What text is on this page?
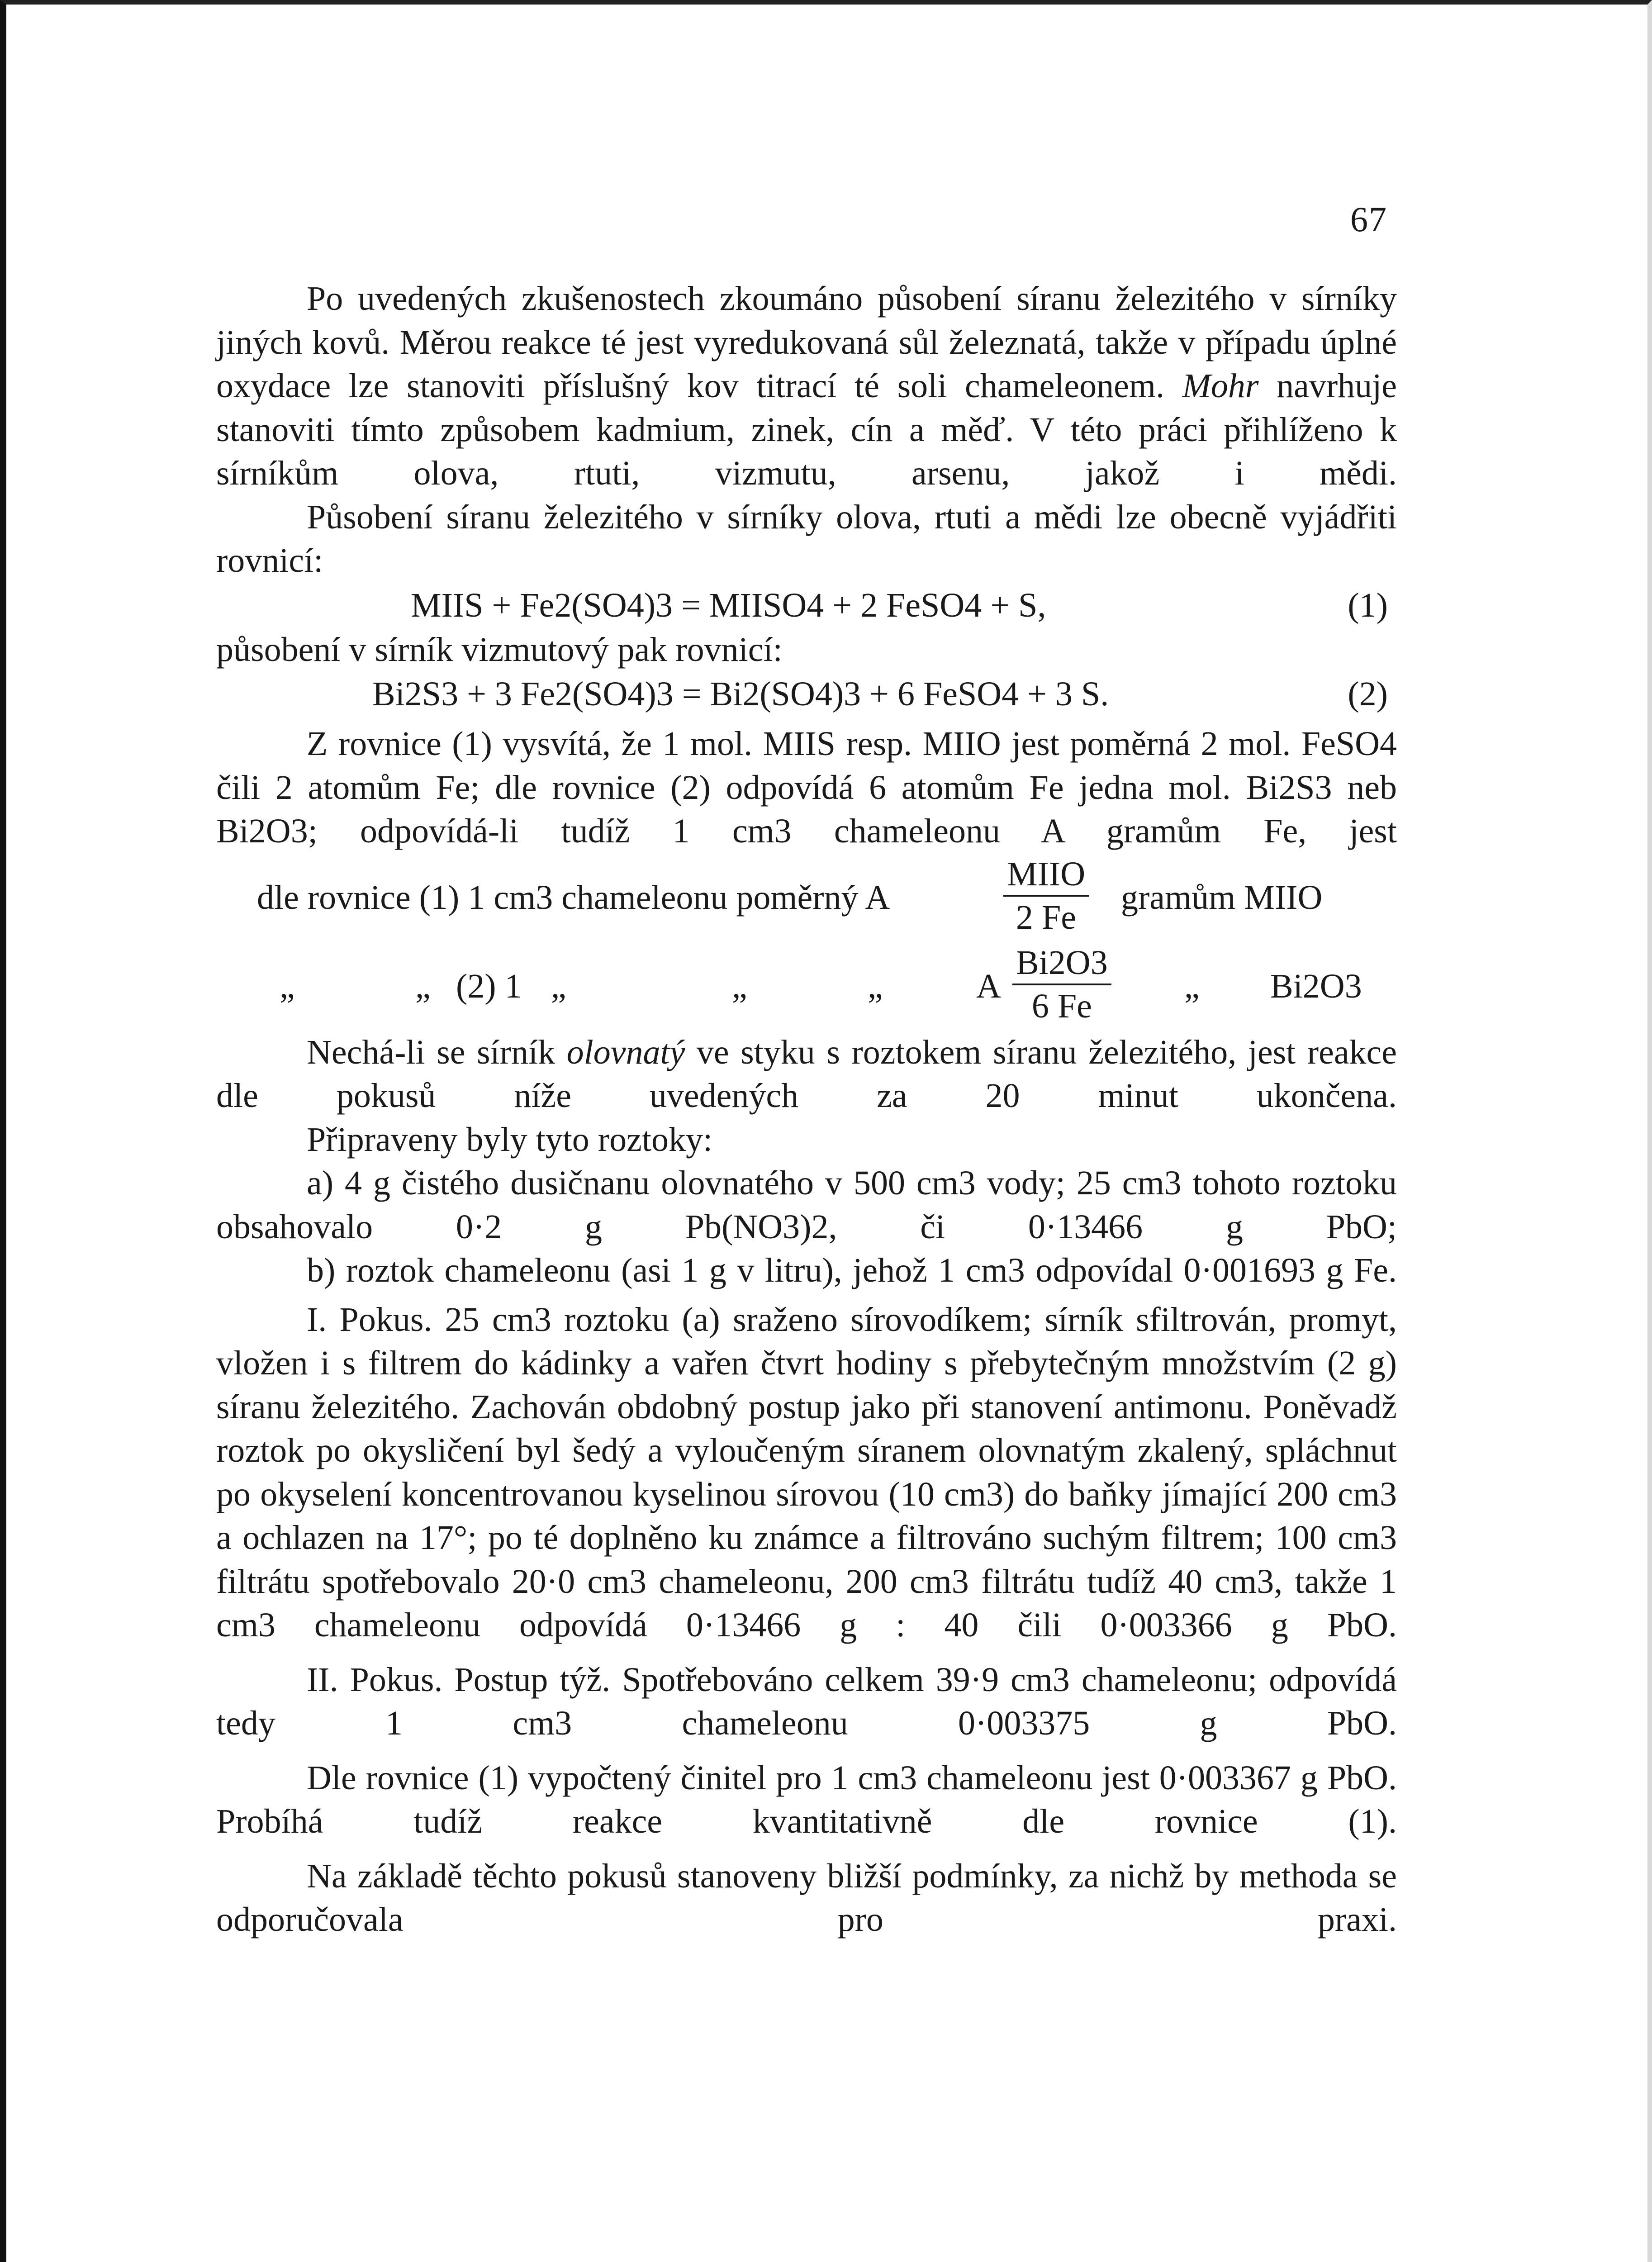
67

Po uvedených zkušenostech zkoumáno působení síranu železitého v sírníky jiných kovů. Měrou reakce té jest vyredukovaná sůl železnatá, takže v případu úplné oxydace lze stanoviti příslušný kov titrací té soli chameleonem. Mohr navrhuje stanoviti tímto způsobem kadmium, zinek, cín a měď. V této práci přihlíženo k sírníkům olova, rtuti, vizmutu, arsenu, jakož i mědi.

Působení síranu železitého v sírníky olova, rtuti a mědi lze obecně vyjádřiti rovnicí:

MIIS + Fe2(SO4)3 = MIISO4 + 2 FeSO4 + S,	(1)

působení v sírník vizmutový pak rovnicí:

Bi2S3 + 3 Fe2(SO4)3 = Bi2(SO4)3 + 6 FeSO4 + 3 S.	(2)

Z rovnice (1) vysvítá, že 1 mol. MIIS resp. MIIO jest poměrná 2 mol. FeSO4 čili 2 atomům Fe; dle rovnice (2) odpovídá 6 atomům Fe jedna mol. Bi2S3 neb Bi2O3; odpovídá-li tudíž 1 cm3 chameleonu A gramům Fe, jest

dle rovnice (1) 1 cm3 chameleonu poměrný A
MIIO
2 Fe
gramům MIIO
„	„ (2) 1 „	„	„	A $\frac{Bi2O3}{6 Fe}$ „ Bi2O3

Nechá-li se sírník olovnatý ve styku s roztokem síranu železitého, jest reakce dle pokusů níže uvedených za 20 minut ukončena.

Připraveny byly tyto roztoky:

a) 4 g čistého dusičnanu olovnatého v 500 cm3 vody; 25 cm3 tohoto roztoku obsahovalo 0·2 g Pb(NO3)2, či 0·13466 g PbO;

b) roztok chameleonu (asi 1 g v litru), jehož 1 cm3 odpovídal 0·001693 g Fe.

I. Pokus. 25 cm3 roztoku (a) sraženo sírovodíkem; sírník sfiltrován, promyt, vložen i s filtrem do kádinky a vařen čtvrt hodiny s přebytečným množstvím (2 g) síranu železitého. Zachován obdobný postup jako při stanovení antimonu. Poněvadž roztok po okysličení byl šedý a vyloučeným síranem olovnatým zkalený, spláchnut po okyselení koncentrovanou kyselinou sírovou (10 cm3) do baňky jímající 200 cm3 a ochlazen na 17°; po té doplněno ku známce a filtrováno suchým filtrem; 100 cm3 filtrátu spotřebovalo 20·0 cm3 chameleonu, 200 cm3 filtrátu tudíž 40 cm3, takže 1 cm3 chameleonu odpovídá 0·13466 g : 40 čili 0·003366 g PbO.

II. Pokus. Postup týž. Spotřebováno celkem 39·9 cm3 chameleonu; odpovídá tedy 1 cm3 chameleonu 0·003375 g PbO.

Dle rovnice (1) vypočtený činitel pro 1 cm3 chameleonu jest 0·003367 g PbO. Probíhá tudíž reakce kvantitativně dle rovnice (1).

Na základě těchto pokusů stanoveny bližší podmínky, za nichž by methoda se odporučovala pro praxi.
